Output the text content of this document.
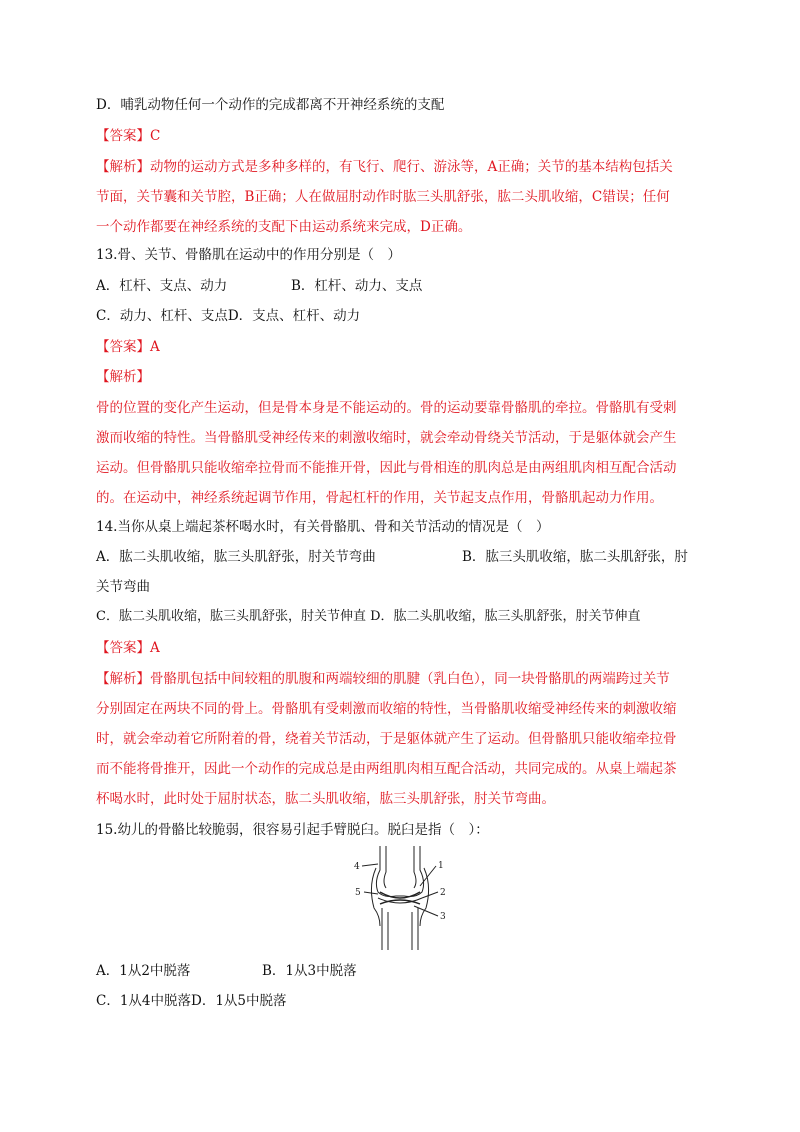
D．哺乳动物任何一个动作的完成都离不开神经系统的支配
【答案】C
【解析】动物的运动方式是多种多样的，有飞行、爬行、游泳等，A正确；关节的基本结构包括关
节面，关节囊和关节腔，B正确；人在做屈肘动作时肱三头肌舒张，肱二头肌收缩，C错误；任何
一个动作都要在神经系统的支配下由运动系统来完成，D正确。
13.骨、关节、骨骼肌在运动中的作用分别是（　）
A．杠杆、支点、动力	B．杠杆、动力、支点
C．动力、杠杆、支点D．支点、杠杆、动力
【答案】A
【解析】
骨的位置的变化产生运动，但是骨本身是不能运动的。骨的运动要靠骨骼肌的牵拉。骨骼肌有受刺
激而收缩的特性。当骨骼肌受神经传来的刺激收缩时，就会牵动骨绕关节活动，于是躯体就会产生
运动。但骨骼肌只能收缩牵拉骨而不能推开骨，因此与骨相连的肌肉总是由两组肌肉相互配合活动
的。在运动中，神经系统起调节作用，骨起杠杆的作用，关节起支点作用，骨骼肌起动力作用。
14.当你从桌上端起茶杯喝水时，有关骨骼肌、骨和关节活动的情况是（　）
A．肱二头肌收缩，肱三头肌舒张，肘关节弯曲	B．肱三头肌收缩，肱二头肌舒张，肘
关节弯曲
C．肱二头肌收缩，肱三头肌舒张，肘关节伸直 D．肱二头肌收缩，肱三头肌舒张，肘关节伸直
【答案】A
【解析】骨骼肌包括中间较粗的肌腹和两端较细的肌腱（乳白色），同一块骨骼肌的两端跨过关节
分别固定在两块不同的骨上。骨骼肌有受刺激而收缩的特性，当骨骼肌收缩受神经传来的刺激收缩
时，就会牵动着它所附着的骨，绕着关节活动，于是躯体就产生了运动。但骨骼肌只能收缩牵拉骨
而不能将骨推开，因此一个动作的完成总是由两组肌肉相互配合活动，共同完成的。从桌上端起茶
杯喝水时，此时处于屈肘状态，肱二头肌收缩，肱三头肌舒张，肘关节弯曲。
15.幼儿的骨骼比较脆弱，很容易引起手臂脱臼。脱臼是指（　）：
4
5
1
2
3
A．1从2中脱落	B．1从3中脱落
C．1从4中脱落D．1从5中脱落
